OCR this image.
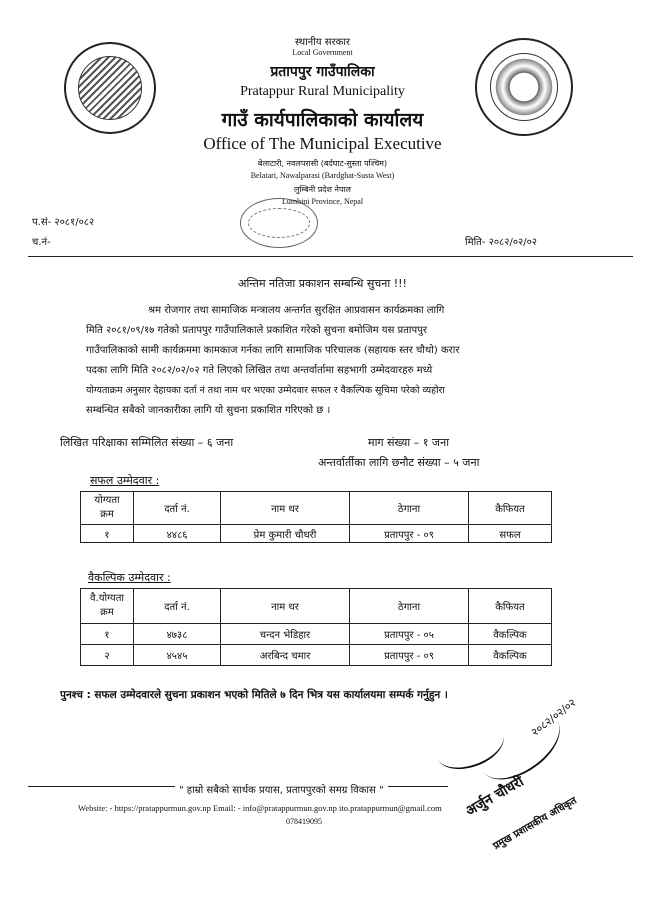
स्थानीय सरकार
Local Government
प्रतापपुर गाउँपालिका
Pratappur Rural Municipality
गाउँ कार्यपालिकाको कार्यालय
Office of The Municipal Executive
बेलाटारी, नवलपरासी (बर्दघाट-सुस्ता पश्चिम)
Belatari, Nawalparasi (Bardghat-Susta West)
लुम्बिनी प्रदेश नेपाल
Lumbini Province, Nepal
प.सं- २०८१/०८२
च.नं-	मिति- २०८२/०२/०२
अन्तिम नतिजा प्रकाशन सम्बन्धि सुचना !!!
श्रम रोजगार तथा सामाजिक मन्त्रालय अन्तर्गत सुरक्षित आप्रवासन कार्यक्रमका लागि
मिति २०८१/०९/१७ गतेको प्रतापपुर गाउँपालिकाले प्रकाशित गरेको सुचना बमोजिम यस प्रतापपुर
गाउँपालिकाको सामी कार्यक्रममा कामकाज गर्नका लागि सामाजिक परिचालक (सहायक स्तर चौथो) करार
पदका लागि मिति २०८२/०२/०२ गते लिएको लिखित तथा अन्तर्वार्तामा सहभागी उम्मेदवारहरु मध्ये
योग्यताक्रम अनुसार देहायका दर्ता नं तथा नाम थर भएका उम्मेदवार सफल र वैकल्पिक सूचिमा परेको व्यहोरा
सम्बन्धित सबैको जानकारीका लागि यो सुचना प्रकाशित गरिएको छ ।
लिखित परिक्षाका सम्मिलित संख्या – ६ जना	माग संख्या – १ जना
अन्तर्वार्तीका लागि छनौट संख्या – ५ जना
सफल उम्मेदवार :
योग्यता
क्रम	दर्ता नं.	नाम थर	ठेगाना	कैफियत
१	४४८६	प्रेम कुमारी चौधरी	प्रतापपुर - ०९	सफल
वैकल्पिक उम्मेदवार :
वै.योग्यता
क्रम	दर्ता नं.	नाम थर	ठेगाना	कैफियत
१	४७३८	चन्दन भेडिहार	प्रतापपुर - ०५	वैकल्पिक
२	४५४५	अरबिन्द चमार	प्रतापपुर - ०९	वैकल्पिक
पुनश्च : सफल उम्मेदवारले सुचना प्रकाशन भएको मितिले ७ दिन भित्र यस कार्यालयमा सम्पर्क गर्नुहुन ।
२०८२/०२/०२
अर्जुन चौधरी
प्रमुख प्रशासकीय अधिकृत
" हाम्रो सबैको सार्थक प्रयास, प्रतापपुरको समग्र विकास "
Website: - https://pratappurmun.gov.np Email: - info@pratappurmun.gov.np ito.pratappurmun@gmail.com
078419095
